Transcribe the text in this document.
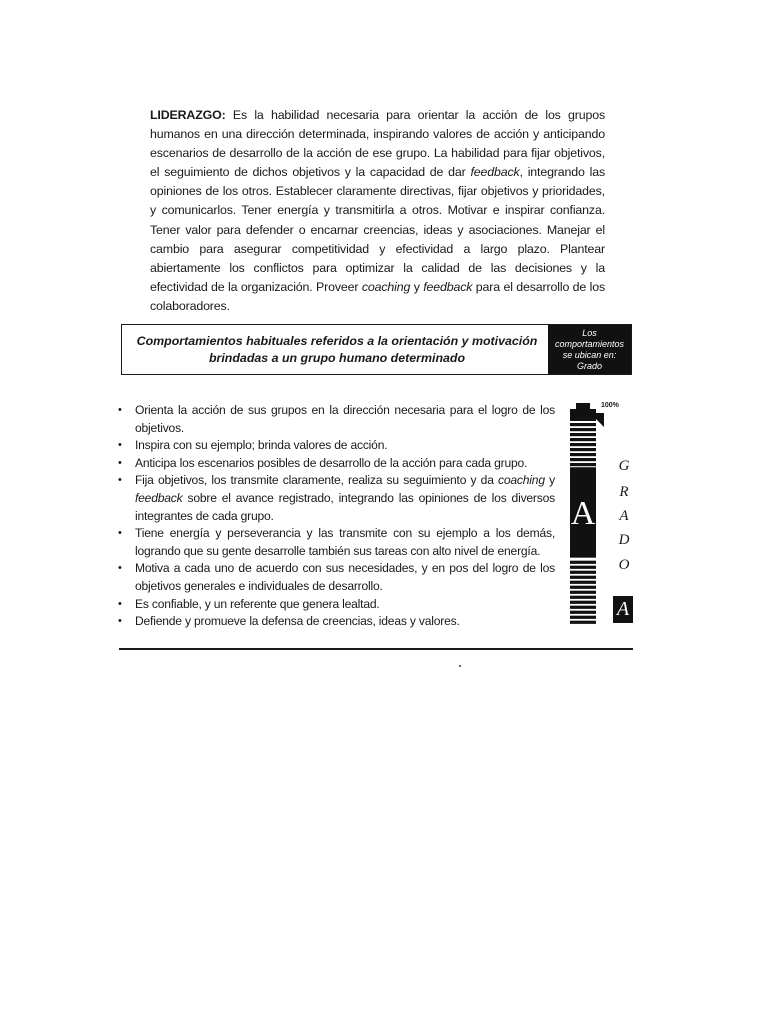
LIDERAZGO: Es la habilidad necesaria para orientar la acción de los grupos humanos en una dirección determinada, inspirando valores de acción y anticipando escenarios de desarrollo de la acción de ese grupo. La habilidad para fijar objetivos, el seguimiento de dichos objetivos y la capacidad de dar feedback, integrando las opiniones de los otros. Establecer claramente directivas, fijar objetivos y prioridades, y comunicarlos. Tener energía y transmitirla a otros. Motivar e inspirar confianza. Tener valor para defender o encarnar creencias, ideas y asociaciones. Manejar el cambio para asegurar competitividad y efectividad a largo plazo. Plantear abiertamente los conflictos para optimizar la calidad de las decisiones y la efectividad de la organización. Proveer coaching y feedback para el desarrollo de los colaboradores.

Comportamientos habituales referidos a la orientación y motivación
brindadas a un grupo humano determinado

Los
comportamientos
se ubican en:
Grado
• Orienta la acción de sus grupos en la dirección necesaria para el logro de los objetivos.
• Inspira con su ejemplo; brinda valores de acción.
• Anticipa los escenarios posibles de desarrollo de la acción para cada grupo.
• Fija objetivos, los transmite claramente, realiza su seguimiento y da coaching y feedback sobre el avance registrado, integrando las opiniones de los diversos integrantes de cada grupo.
• Tiene energía y perseverancia y las transmite con su ejemplo a los demás, logrando que su gente desarrolle también sus tareas con alto nivel de energía.
• Motiva a cada uno de acuerdo con sus necesidades, y en pos del logro de los objetivos generales e individuales de desarrollo.
• Es confiable, y un referente que genera lealtad.
• Defiende y promueve la defensa de creencias, ideas y valores.
A
100%
G
R
A
D
O
A
